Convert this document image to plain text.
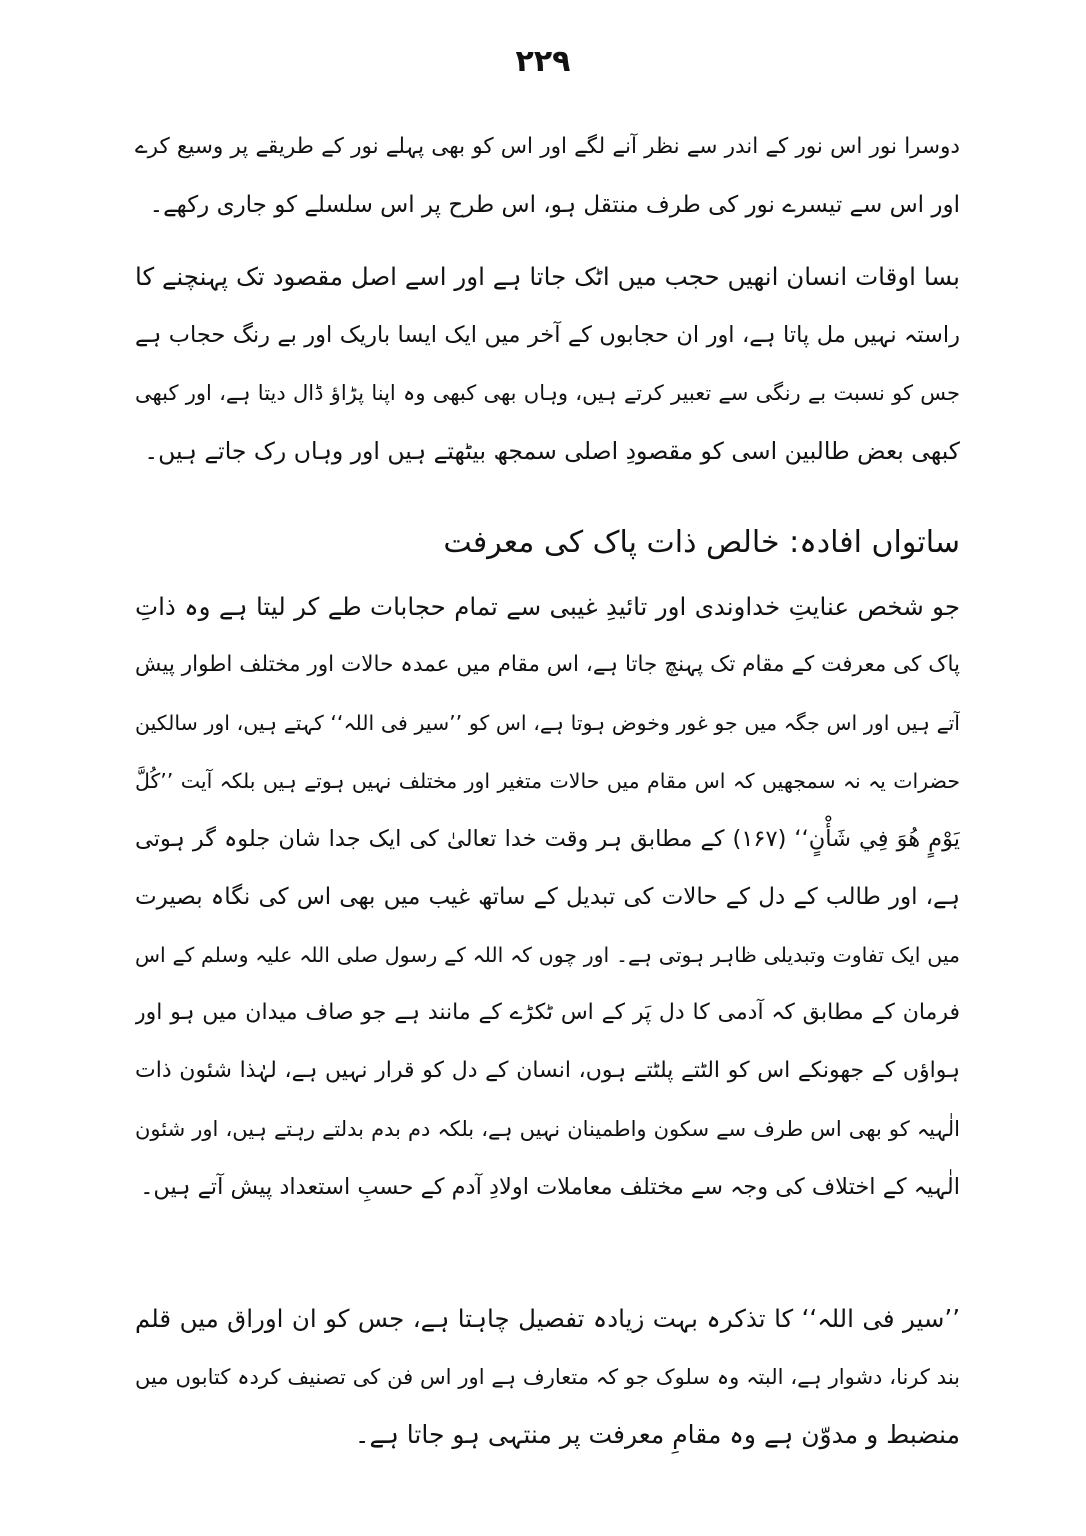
۲۲۹
دوسرا نور اس نور کے اندر سے نظر آنے لگے اور اس کو بھی پہلے نور کے طریقے پر وسیع کرے
اور اس سے تیسرے نور کی طرف منتقل ہو، اس طرح پر اس سلسلے کو جاری رکھے۔
بسا اوقات انسان انھیں حجب میں اٹک جاتا ہے اور اسے اصل مقصود تک پہنچنے کا
راستہ نہیں مل پاتا ہے، اور ان حجابوں کے آخر میں ایک ایسا باریک اور بے رنگ حجاب ہے
جس کو نسبت بے رنگی سے تعبیر کرتے ہیں، وہاں بھی کبھی وہ اپنا پڑاؤ ڈال دیتا ہے، اور کبھی
کبھی بعض طالبین اسی کو مقصودِ اصلی سمجھ بیٹھتے ہیں اور وہاں رک جاتے ہیں۔
ساتواں افادہ: خالص ذات پاک کی معرفت
جو شخص عنایتِ خداوندی اور تائیدِ غیبی سے تمام حجابات طے کر لیتا ہے وہ ذاتِ
پاک کی معرفت کے مقام تک پہنچ جاتا ہے، اس مقام میں عمدہ حالات اور مختلف اطوار پیش
آتے ہیں اور اس جگہ میں جو غور وخوض ہوتا ہے، اس کو ’’سیر فی اللہ‘‘ کہتے ہیں، اور سالکین
حضرات یہ نہ سمجھیں کہ اس مقام میں حالات متغیر اور مختلف نہیں ہوتے ہیں بلکہ آیت ’’كُلَّ
يَوْمٍ هُوَ فِي شَأْنٍ‘‘ (۱۶۷) کے مطابق ہر وقت خدا تعالیٰ کی ایک جدا شان جلوہ گر ہوتی
ہے، اور طالب کے دل کے حالات کی تبدیل کے ساتھ غیب میں بھی اس کی نگاہ بصیرت
میں ایک تفاوت وتبدیلی ظاہر ہوتی ہے۔ اور چوں کہ اللہ کے رسول صلی اللہ علیہ وسلم کے اس
فرمان کے مطابق کہ آدمی کا دل پَر کے اس ٹکڑے کے مانند ہے جو صاف میدان میں ہو اور
ہواؤں کے جھونکے اس کو الٹتے پلٹتے ہوں، انسان کے دل کو قرار نہیں ہے، لہٰذا شئون ذات
الٰہیہ کو بھی اس طرف سے سکون واطمینان نہیں ہے، بلکہ دم بدم بدلتے رہتے ہیں، اور شئون
الٰہیہ کے اختلاف کی وجہ سے مختلف معاملات اولادِ آدم کے حسبِ استعداد پیش آتے ہیں۔
’’سیر فی اللہ‘‘ کا تذکرہ بہت زیادہ تفصیل چاہتا ہے، جس کو ان اوراق میں قلم
بند کرنا، دشوار ہے، البتہ وہ سلوک جو کہ متعارف ہے اور اس فن کی تصنیف کردہ کتابوں میں
منضبط و مدوّن ہے وہ مقامِ معرفت پر منتہی ہو جاتا ہے۔
